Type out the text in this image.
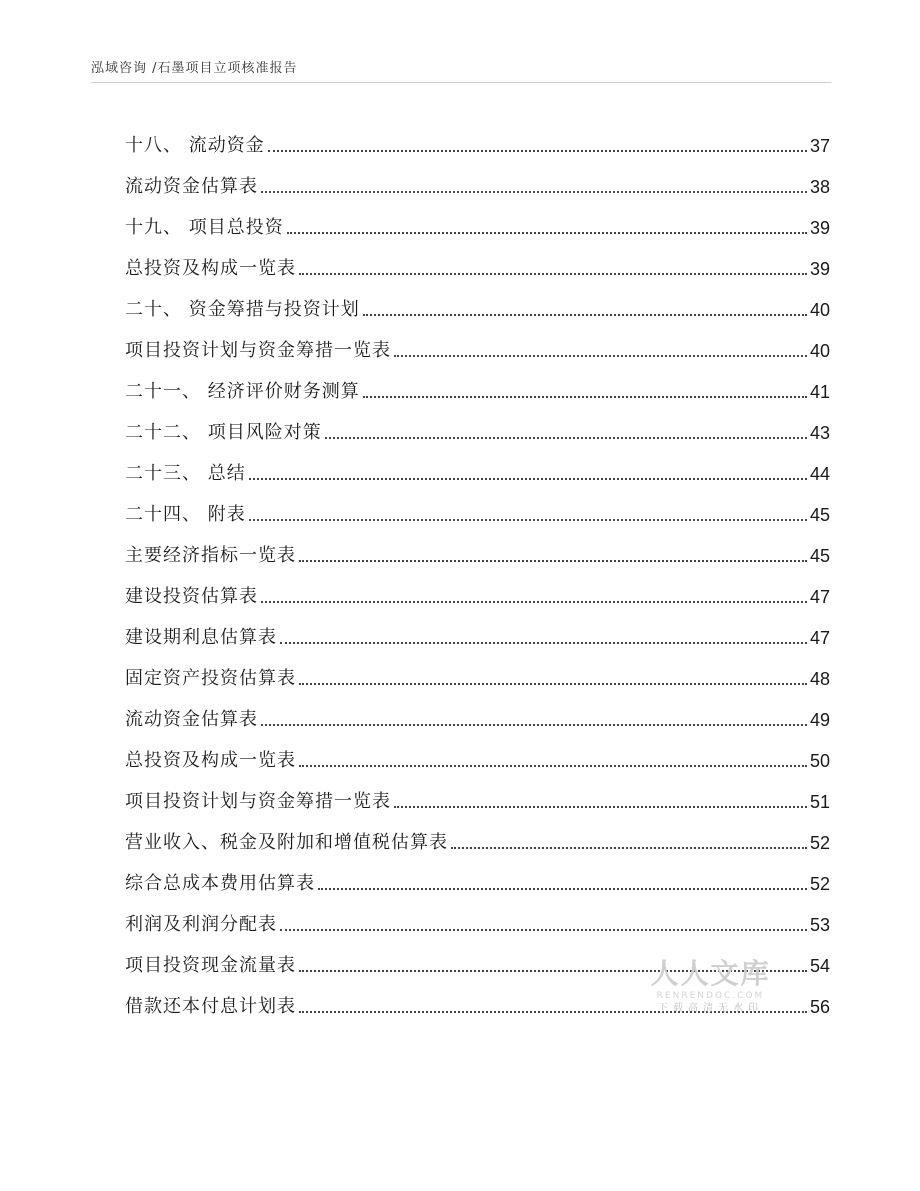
泓域咨询 /石墨项目立项核准报告
十八、 流动资金	37
流动资金估算表	38
十九、 项目总投资	39
总投资及构成一览表	39
二十、 资金筹措与投资计划	40
项目投资计划与资金筹措一览表	40
二十一、 经济评价财务测算	41
二十二、 项目风险对策	43
二十三、 总结	44
二十四、 附表	45
主要经济指标一览表	45
建设投资估算表	47
建设期利息估算表	47
固定资产投资估算表	48
流动资金估算表	49
总投资及构成一览表	50
项目投资计划与资金筹措一览表	51
营业收入、税金及附加和增值税估算表	52
综合总成本费用估算表	52
利润及利润分配表	53
项目投资现金流量表	54
借款还本付息计划表	56
人人文库
RENRENDOC.COM
下载高清无水印
